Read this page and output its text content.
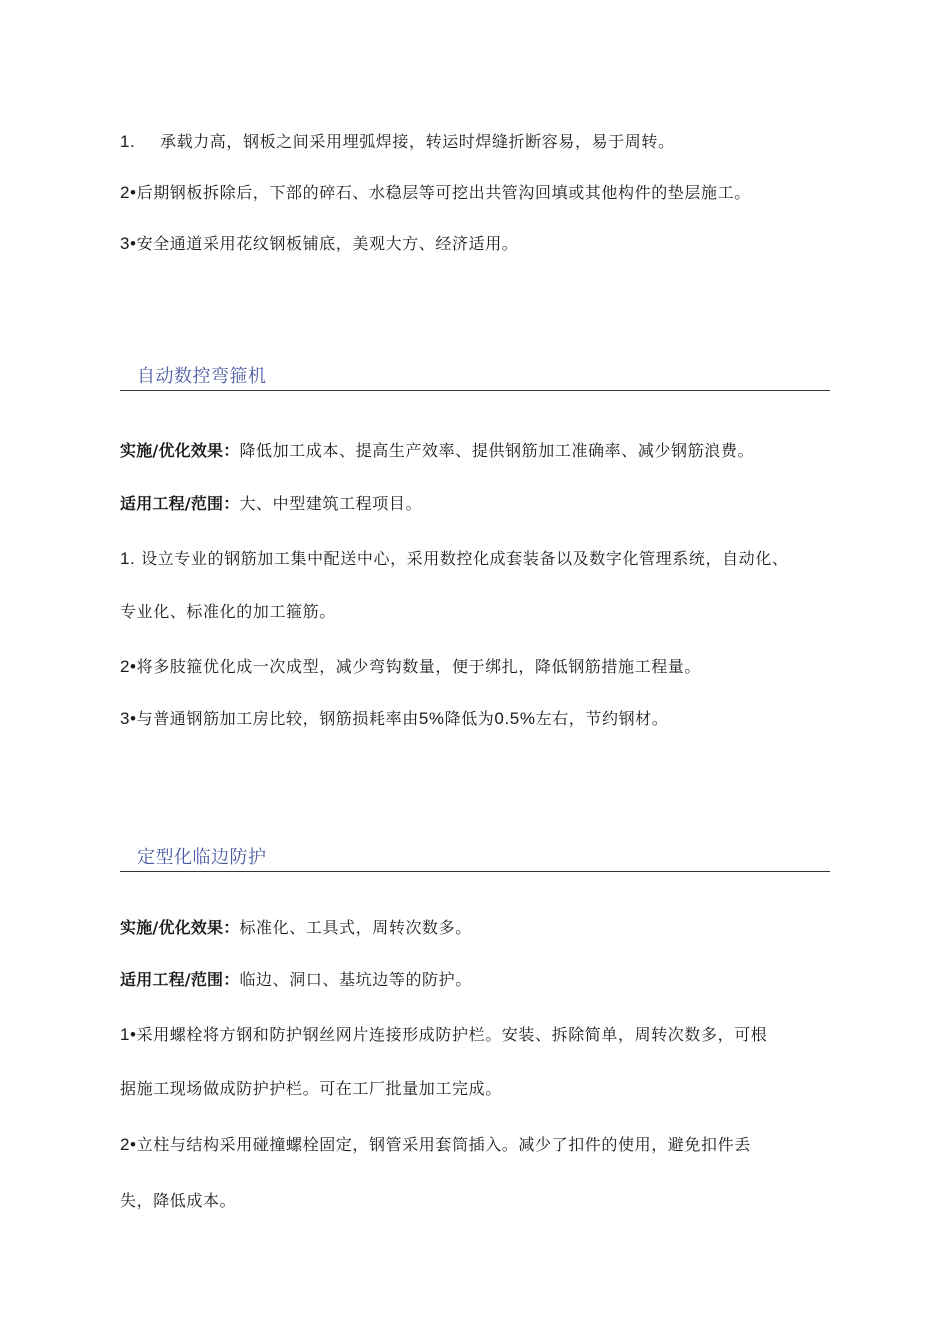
1. 承载力高，钢板之间采用埋弧焊接，转运时焊缝折断容易，易于周转。
2•后期钢板拆除后，下部的碎石、水稳层等可挖出共管沟回填或其他构件的垫层施工。
3•安全通道采用花纹钢板铺底，美观大方、经济适用。
自动数控弯箍机
实施/优化效果：降低加工成本、提高生产效率、提供钢筋加工准确率、减少钢筋浪费。
适用工程/范围：大、中型建筑工程项目。
1. 设立专业的钢筋加工集中配送中心，采用数控化成套装备以及数字化管理系统，自动化、
专业化、标准化的加工箍筋。
2•将多肢箍优化成一次成型，减少弯钩数量，便于绑扎，降低钢筋措施工程量。
3•与普通钢筋加工房比较，钢筋损耗率由5%降低为0.5%左右，节约钢材。
定型化临边防护
实施/优化效果：标准化、工具式，周转次数多。
适用工程/范围：临边、洞口、基坑边等的防护。
1•采用螺栓将方钢和防护钢丝网片连接形成防护栏。安装、拆除简单，周转次数多，可根
据施工现场做成防护护栏。可在工厂批量加工完成。
2•立柱与结构采用碰撞螺栓固定，钢管采用套筒插入。减少了扣件的使用，避免扣件丢
失，降低成本。
